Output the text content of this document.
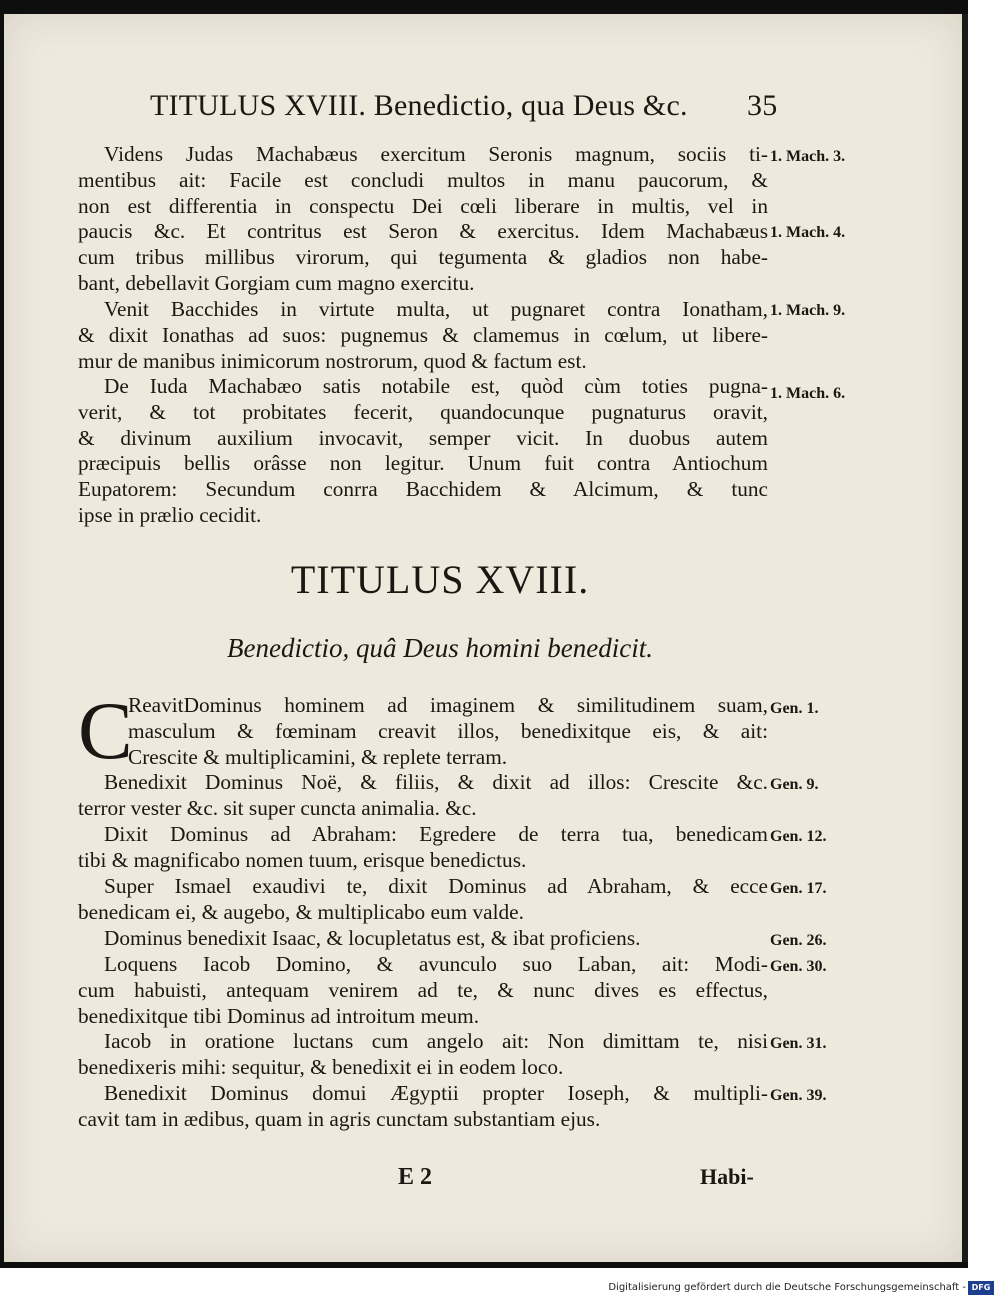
TITULUS XVIII. Benedictio, qua Deus &c. 35
Videns Judas Machabæus exercitum Seronis magnum, sociis ti-
mentibus ait: Facile est concludi multos in manu paucorum, &
non est differentia in conspectu Dei cœli liberare in multis, vel in
paucis &c. Et contritus est Seron & exercitus. Idem Machabæus
cum tribus millibus virorum, qui tegumenta & gladios non habe-
bant, debellavit Gorgiam cum magno exercitu.
Venit Bacchides in virtute multa, ut pugnaret contra Ionatham,
& dixit Ionathas ad suos: pugnemus & clamemus in cœlum, ut libere-
mur de manibus inimicorum nostrorum, quod & factum est.
De Iuda Machabæo satis notabile est, quòd cùm toties pugna-
verit, & tot probitates fecerit, quandocunque pugnaturus oravit,
& divinum auxilium invocavit, semper vicit. In duobus autem
præcipuis bellis orâsse non legitur. Unum fuit contra Antiochum
Eupatorem: Secundum conrra Bacchidem & Alcimum, & tunc
ipse in prælio cecidit.
1. Mach. 3.
1. Mach. 4.
1. Mach. 9.
1. Mach. 6.
TITULUS XVIII.
Benedictio, quâ Deus homini benedicit.
C
ReavitDominus hominem ad imaginem & similitudinem suam,
masculum & fœminam creavit illos, benedixitque eis, & ait:
Crescite & multiplicamini, & replete terram.
Benedixit Dominus Noë, & filiis, & dixit ad illos: Crescite &c.
terror vester &c. sit super cuncta animalia. &c.
Dixit Dominus ad Abraham: Egredere de terra tua, benedicam
tibi & magnificabo nomen tuum, erisque benedictus.
Super Ismael exaudivi te, dixit Dominus ad Abraham, & ecce
benedicam ei, & augebo, & multiplicabo eum valde.
Dominus benedixit Isaac, & locupletatus est, & ibat proficiens.
Loquens Iacob Domino, & avunculo suo Laban, ait: Modi-
cum habuisti, antequam venirem ad te, & nunc dives es effectus,
benedixitque tibi Dominus ad introitum meum.
Iacob in oratione luctans cum angelo ait: Non dimittam te, nisi
benedixeris mihi: sequitur, & benedixit ei in eodem loco.
Benedixit Dominus domui Ægyptii propter Ioseph, & multipli-
cavit tam in ædibus, quam in agris cunctam substantiam ejus.
Gen. 1.
Gen. 9.
Gen. 12.
Gen. 17.
Gen. 26.
Gen. 30.
Gen. 31.
Gen. 39.
E 2	Habi-
Digitalisierung gefördert durch die Deutsche Forschungsgemeinschaft - DFG
